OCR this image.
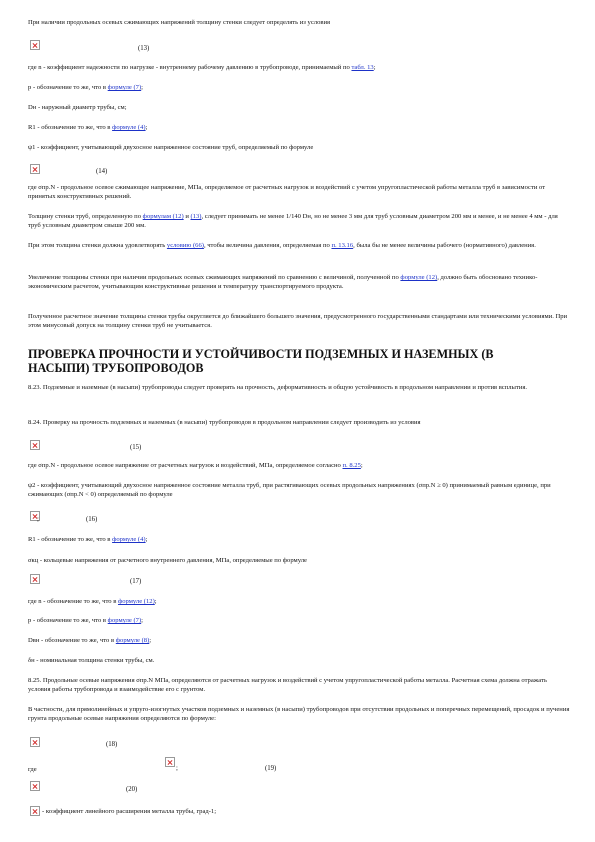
При наличии продольных осевых сжимающих напряжений толщину стенки следует определять из условия
(13)
где n - коэффициент надежности по нагрузке - внутреннему рабочему давлению в трубопроводе, принимаемый по табл. 13;
p - обозначение то же, что в формуле (7);
Dн - наружный диаметр трубы, см;
R1 - обозначение то же, что в формуле (4);
ψ1 - коэффициент, учитывающий двухосное напряженное состояние труб, определяемый по формуле
(14)
где σпр.N - продольное осевое сжимающее напряжение, МПа, определяемое от расчетных нагрузок и воздействий с учетом упругопластической работы металла труб в зависимости от принятых конструктивных решений.
Толщину стенки труб, определенную по формулам (12) и (13), следует принимать не менее 1/140 Dн, но не менее 3 мм для труб условным диаметром 200 мм и менее, и не менее 4 мм - для труб условным диаметром свыше 200 мм.
При этом толщина стенки должна удовлетворять условию (66), чтобы величина давления, определяемая по п. 13.16, была бы не менее величины рабочего (нормативного) давления.
Увеличение толщины стенки при наличии продольных осевых сжимающих напряжений по сравнению с величиной, полученной по формуле (12), должно быть обосновано технико-экономическим расчетом, учитывающим конструктивные решения и температуру транспортируемого продукта.
Полученное расчетное значение толщины стенки трубы округляется до ближайшего большего значения, предусмотренного государственными стандартами или техническими условиями. При этом минусовый допуск на толщину стенки труб не учитывается.
ПРОВЕРКА ПРОЧНОСТИ И УСТОЙЧИВОСТИ ПОДЗЕМНЫХ И НАЗЕМНЫХ (В НАСЫПИ) ТРУБОПРОВОДОВ
8.23. Подземные и наземные (в насыпи) трубопроводы следует проверять на прочность, деформативность и общую устойчивость в продольном направлении и против всплытия.
8.24. Проверку на прочность подземных и наземных (в насыпи) трубопроводов в продольном направлении следует производить из условия
(15)
где σпр.N - продольное осевое напряжение от расчетных нагрузок и воздействий, МПа, определяемое согласно п. 8.25;
ψ2 - коэффициент, учитывающий двухосное напряженное состояние металла труб, при растягивающих осевых продольных напряжениях (σпр.N ≥ 0) принимаемый равным единице, при сжимающих (σпр.N < 0) определяемый по формуле
;	(16)
R1 - обозначение то же, что в формуле (4);
σкц - кольцевые напряжения от расчетного внутреннего давления, МПа, определяемые по формуле
(17)
где n - обозначение то же, что в формуле (12);
p - обозначение то же, что в формуле (7);
Dвн - обозначение то же, что в формуле (8);
δн - номинальная толщина стенки трубы, см.
8.25. Продольные осевые напряжения σпр.N МПа, определяются от расчетных нагрузок и воздействий с учетом упругопластической работы металла. Расчетная схема должна отражать условия работы трубопровода и взаимодействие его с грунтом.
В частности, для прямолинейных и упруго-изогнутых участков подземных и наземных (в насыпи) трубопроводов при отсутствии продольных и поперечных перемещений, просадок и пучения грунта продольные осевые напряжения определяются по формуле:
(18)
где	;	(19)
(20)
- коэффициент линейного расширения металла трубы, град-1;
